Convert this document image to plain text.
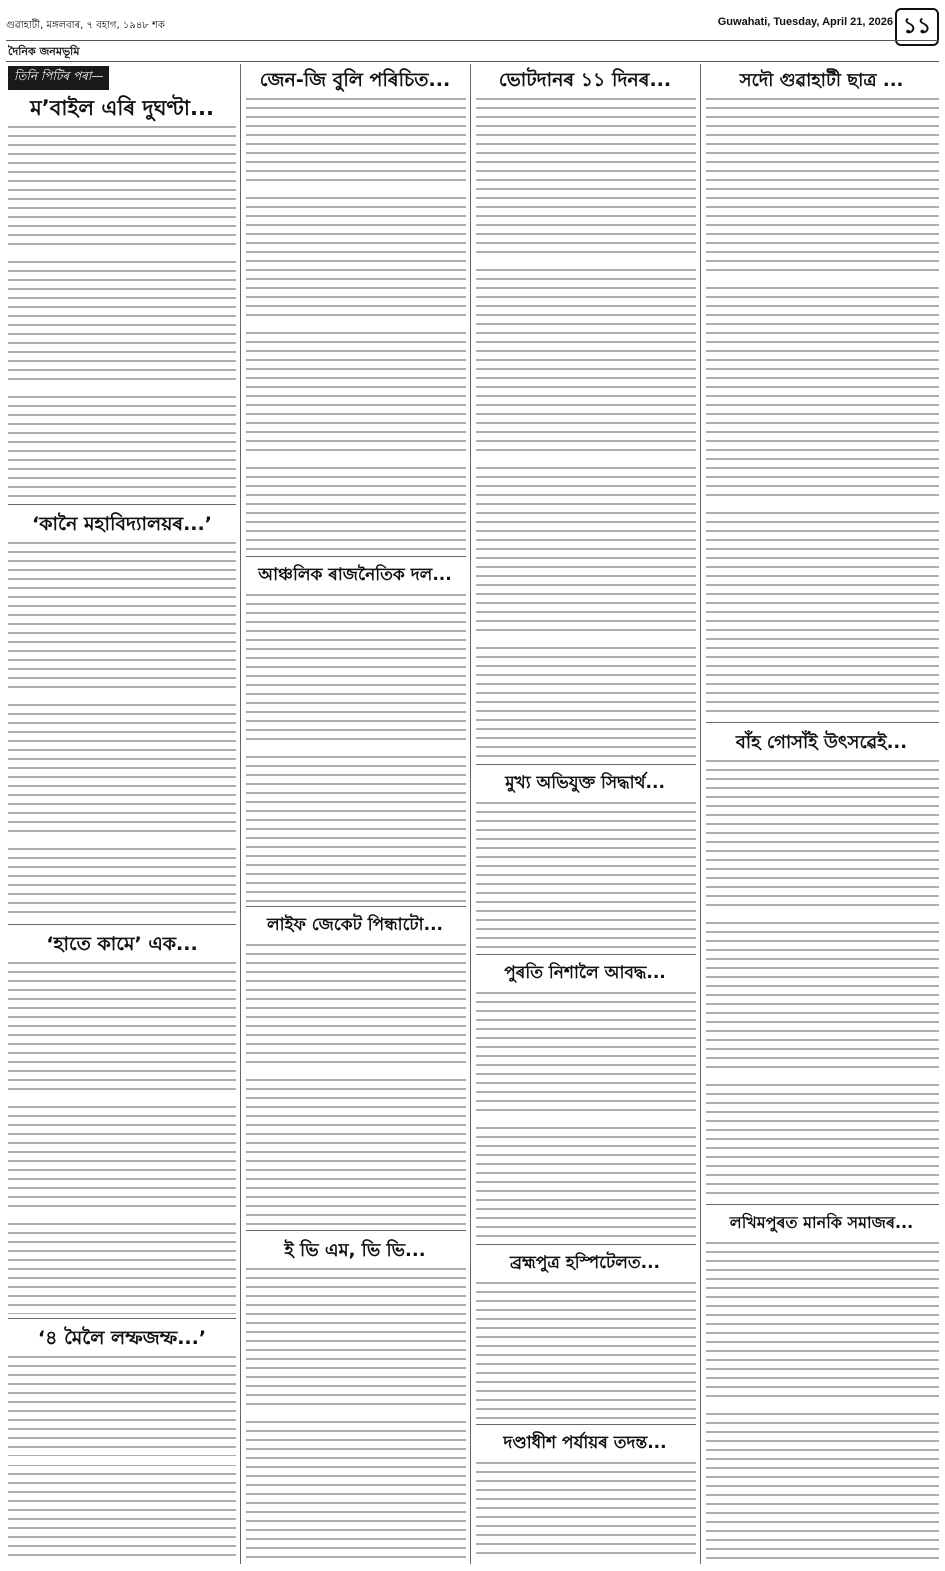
গুৱাহাটী, মঙ্গলবাৰ, ৭ বহাগ, ১৯৪৮ শক	Guwahati, Tuesday, April 21, 2026 ১১
দৈনিক জনমভূমি
তিনি পিটিৰ পৰা—
মʼবাইল এৰি দুঘণ্টা...
‘কানৈ মহাবিদ্যালয়ৰ...’
‘হাতে কামে’ এক...
‘৪ মৈলৈ লম্ফজম্ফ...’
জেন-জি বুলি পৰিচিত...
আঞ্চলিক ৰাজনৈতিক দল...
লাইফ জেকেট পিন্ধাটো...
ই ভি এম, ভি ভি...
ভোটদানৰ ১১ দিনৰ...
মুখ্য অভিযুক্ত সিদ্ধাৰ্থ...
পুৰতি নিশালৈ আবদ্ধ...
ব্ৰহ্মপুত্ৰ হস্পিটেলত...
দণ্ডাধীশ পৰ্যায়ৰ তদন্ত...
সদৌ গুৱাহাটী ছাত্ৰ ...
বাঁহ গোসাঁই উৎসৱেই...
লখিমপুৰত মানকি সমাজৰ...
